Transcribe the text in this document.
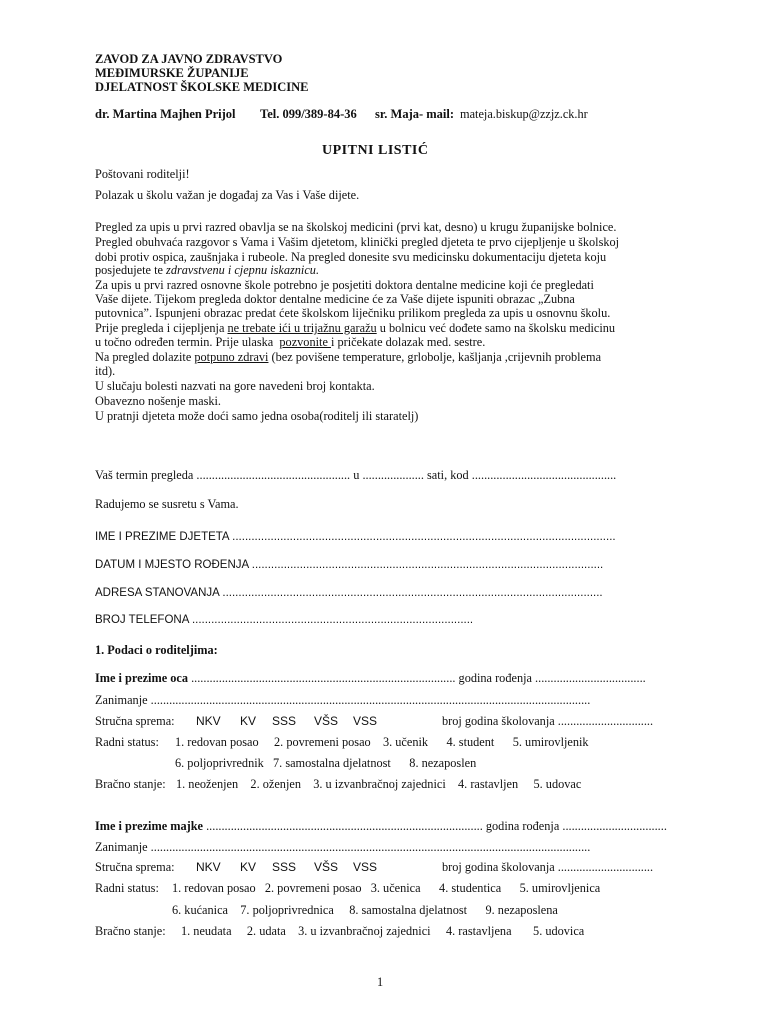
ZAVOD ZA JAVNO ZDRAVSTVO
MEĐIMURSKE ŽUPANIJE
DJELATNOST ŠKOLSKE MEDICINE
dr. Martina Majhen Prijol Tel. 099/389-84-36 sr. Maja- mail: mateja.biskup@zzjz.ck.hr
UPITNI LISTIĆ
Poštovani roditelji!
Polazak u školu važan je događaj za Vas i Vaše dijete.
Pregled za upis u prvi razred obavlja se na školskoj medicini (prvi kat, desno) u krugu županijske bolnice.
Pregled obuhvaća razgovor s Vama i Vašim djetetom, klinički pregled djeteta te prvo cijepljenje u školskoj
dobi protiv ospica, zaušnjaka i rubeole. Na pregled donesite svu medicinsku dokumentaciju djeteta koju
posjedujete te zdravstvenu i cjepnu iskaznicu.
Za upis u prvi razred osnovne škole potrebno je posjetiti doktora dentalne medicine koji će pregledati
Vaše dijete. Tijekom pregleda doktor dentalne medicine će za Vaše dijete ispuniti obrazac „Zubna
putovnica”. Ispunjeni obrazac predat ćete školskom liječniku prilikom pregleda za upis u osnovnu školu.
Prije pregleda i cijepljenja ne trebate ići u trijažnu garažu u bolnicu već dođete samo na školsku medicinu
u točno određen termin. Prije ulaska  pozvonite i pričekate dolazak med. sestre.
Na pregled dolazite potpuno zdravi (bez povišene temperature, grlobolje, kašljanja ,crijevnih problema
itd).
U slučaju bolesti nazvati na gore navedeni broj kontakta.
Obavezno nošenje maski.
U pratnji djeteta može doći samo jedna osoba(roditelj ili staratelj)
Vaš termin pregleda .................................................. u .................... sati, kod ...............................................
Radujemo se susretu s Vama.
IME I PREZIME DJETETA ........................................................................................................................
DATUM I MJESTO ROĐENJA ..............................................................................................................
ADRESA STANOVANJA .......................................................................................................................
BROJ TELEFONA ........................................................................................
1. Podaci o roditeljima:
Ime i prezime oca ...................................................................................... godina rođenja ....................................
Zanimanje ...............................................................................................................................................
Stručna sprema: NKV KV SSS VŠS VSS	broj godina školovanja ...............................
Radni status: 1. redovan posao     2. povremeni posao    3. učenik      4. student      5. umirovljenik
6. poljoprivrednik   7. samostalna djelatnost      8. nezaposlen
Bračno stanje: 1. neoženjen    2. oženjen    3. u izvanbračnoj zajednici    4. rastavljen     5. udovac
Ime i prezime majke .......................................................................................... godina rođenja ..................................
Zanimanje ...............................................................................................................................................
Stručna sprema: NKV KV SSS VŠS VSS	broj godina školovanja ...............................
Radni status: 1. redovan posao   2. povremeni posao   3. učenica      4. studentica      5. umirovljenica
6. kućanica    7. poljoprivrednica     8. samostalna djelatnost      9. nezaposlena
Bračno stanje: 1. neudata     2. udata    3. u izvanbračnoj zajednici     4. rastavljena       5. udovica
1
